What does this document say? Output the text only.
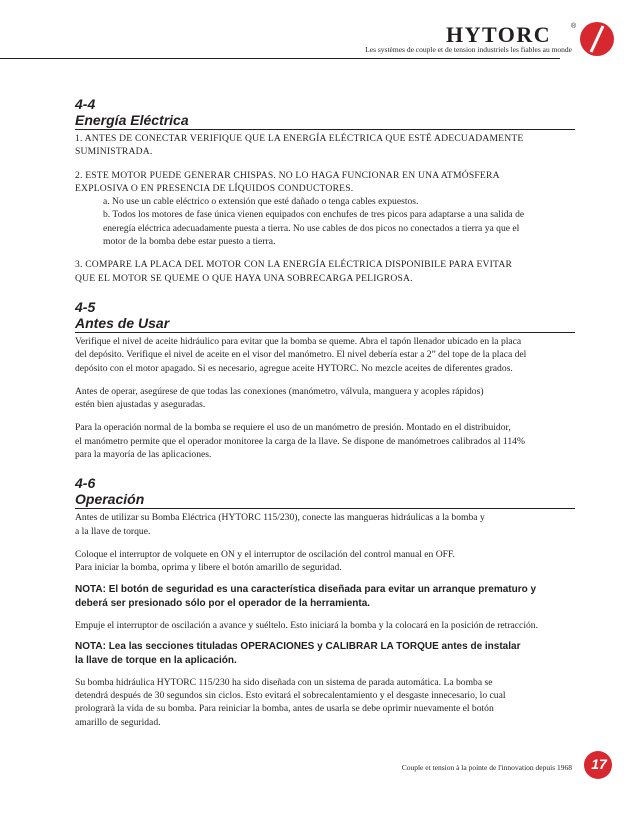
HYTORC	®
Les systèmes de couple et de tension industriels les fiables au monde
4-4
Energía Eléctrica

1. ANTES DE CONECTAR VERIFIQUE QUE LA ENERGÍA ELÉCTRICA QUE ESTÉ ADECUADAMENTE
SUMINISTRADA.

2. ESTE MOTOR PUEDE GENERAR CHISPAS. NO LO HAGA FUNCIONAR EN UNA ATMÓSFERA
EXPLOSIVA O EN PRESENCIA DE LÍQUIDOS CONDUCTORES.

a. No use un cable eléctrico o extensión que esté dañado o tenga cables expuestos.

b. Todos los motores de fase única vienen equipados con enchufes de tres picos para adaptarse a una salida de
eneregía eléctrica adecuadamente puesta a tierra. No use cables de dos picos no conectados a tierra ya que el
motor de la bomba debe estar puesto a tierra.

3. COMPARE LA PLACA DEL MOTOR CON LA ENERGÍA ELÉCTRICA DISPONIBILE PARA EVITAR
QUE EL MOTOR SE QUEME O QUE HAYA UNA SOBRECARGA PELIGROSA.

4-5
Antes de Usar

Verifique el nivel de aceite hidráulico para evitar que la bomba se queme. Abra el tapón llenador ubicado en la placa
del depósito. Verifique el nivel de aceite en el visor del manómetro. El nivel debería estar a 2” del tope de la placa del
depósito con el motor apagado. Si es necesario, agregue aceite HYTORC. No mezcle aceites de diferentes grados.

Antes de operar, asegúrese de que todas las conexiones (manómetro, válvula, manguera y acoples rápidos)
estén bien ajustadas y aseguradas.

Para la operación normal de la bomba se requiere el uso de un manómetro de presión. Montado en el distribuidor,
el manómetro permite que el operador monitoree la carga de la llave. Se dispone de manómetroes calibrados al 114%
para la mayoría de las aplicaciones.

4-6
Operación

Antes de utilizar su Bomba Eléctrica (HYTORC 115/230), conecte las mangueras hidráulicas a la bomba y
a la llave de torque.

Coloque el interruptor de volquete en ON y el interruptor de oscilación del control manual en OFF.
Para iniciar la bomba, oprima y libere el botón amarillo de seguridad.

NOTA: El botón de seguridad es una característica diseñada para evitar un arranque prematuro y
deberá ser presionado sólo por el operador de la herramienta.

Empuje el interruptor de oscilación a avance y suéltelo. Esto iniciará la bomba y la colocará en la posición de retracción.

NOTA: Lea las secciones tituladas OPERACIONES y CALIBRAR LA TORQUE antes de instalar
la llave de torque en la aplicación.

Su bomba hidráulica HYTORC 115/230 ha sido diseñada con un sistema de parada automática. La bomba se
detendrá después de 30 segundos sin ciclos. Esto evitará el sobrecalentamiento y el desgaste innecesario, lo cual
prolograrà la vida de su bomba. Para reiniciar la bomba, antes de usarla se debe oprimir nuevamente el botón
amarillo de seguridad.

Couple et tension à la pointe de l'innovation depuis 1968 17
